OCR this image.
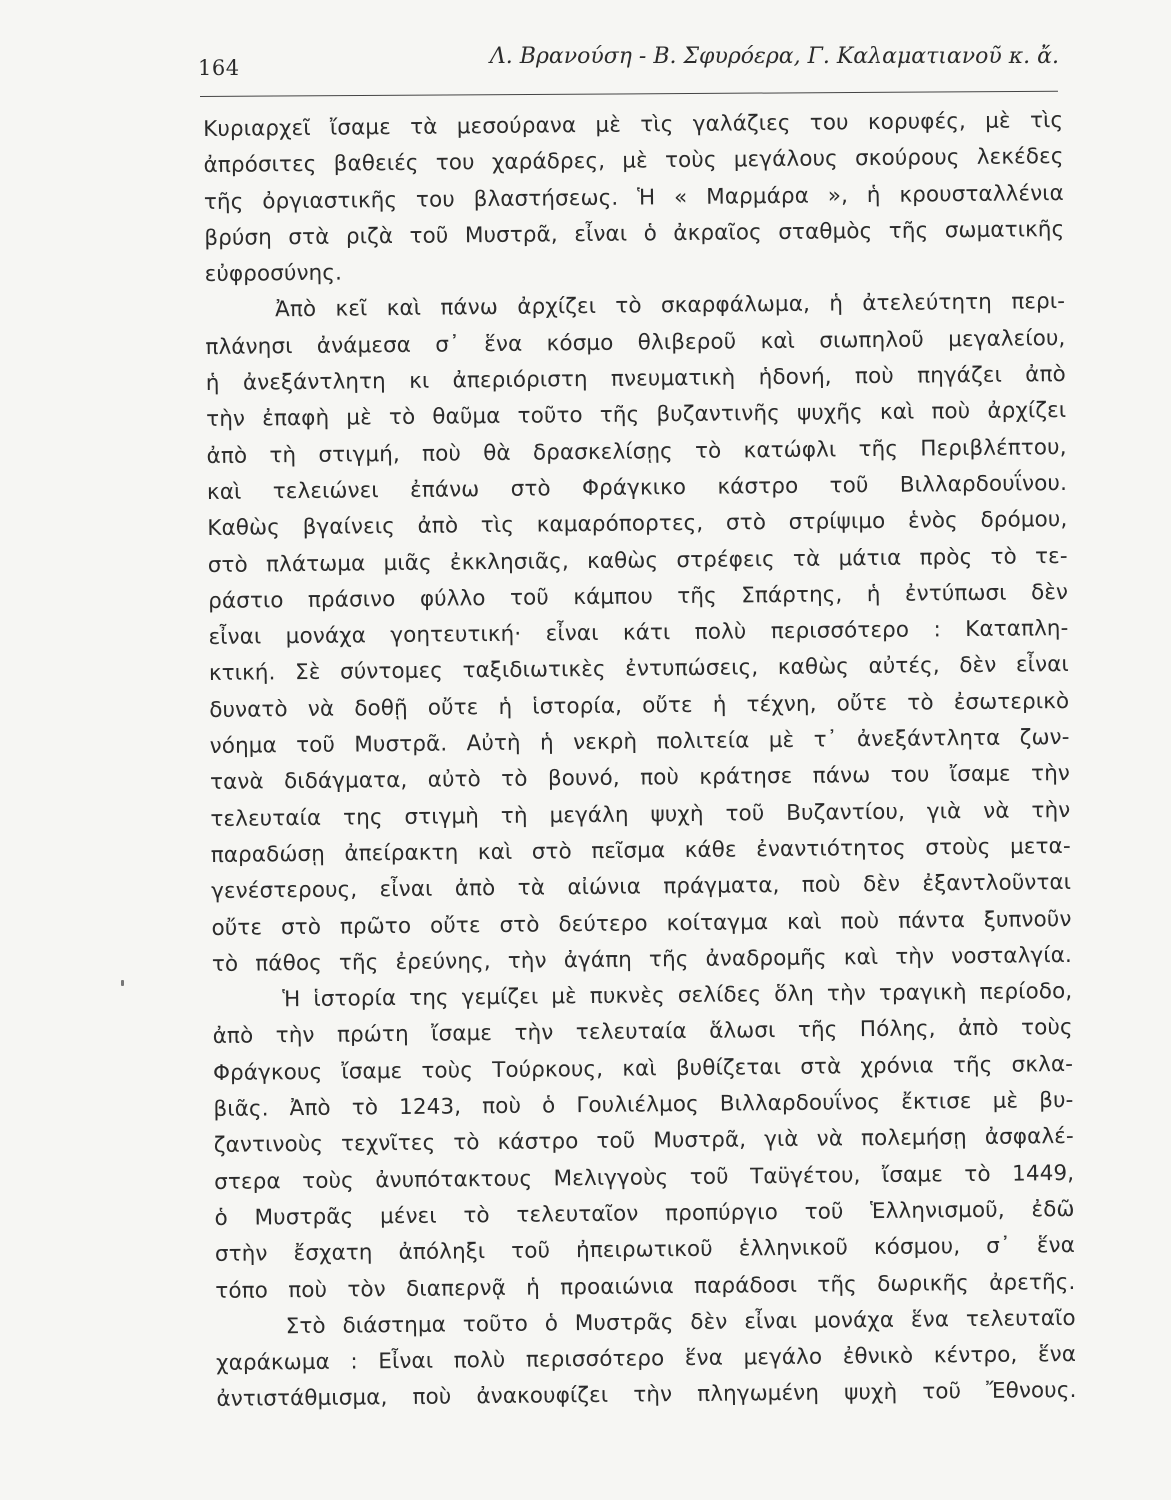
164	Λ. Βρανούση - Β. Σφυρόερα, Γ. Καλαματιανοῦ κ. ἄ.
Κυριαρχεῖ ἴσαμε τὰ μεσούρανα μὲ τὶς γαλάζιες του κορυφές, μὲ τὶς
ἀπρόσιτες βαθειές του χαράδρες, μὲ τοὺς μεγάλους σκούρους λεκέδες
τῆς ὀργιαστικῆς του βλαστήσεως. Ἡ « Μαρμάρα », ἡ κρουσταλλένια
βρύση στὰ ριζὰ τοῦ Μυστρᾶ, εἶναι ὁ ἀκραῖος σταθμὸς τῆς σωματικῆς
εὐφροσύνης.
Ἀπὸ κεῖ καὶ πάνω ἀρχίζει τὸ σκαρφάλωμα, ἡ ἀτελεύτητη περι-
πλάνησι ἀνάμεσα σ᾿ ἕνα κόσμο θλιβεροῦ καὶ σιωπηλοῦ μεγαλείου,
ἡ ἀνεξάντλητη κι ἀπεριόριστη πνευματικὴ ἡδονή, ποὺ πηγάζει ἀπὸ
τὴν ἐπαφὴ μὲ τὸ θαῦμα τοῦτο τῆς βυζαντινῆς ψυχῆς καὶ ποὺ ἀρχίζει
ἀπὸ τὴ στιγμή, ποὺ θὰ δρασκελίσῃς τὸ κατώφλι τῆς Περιβλέπτου,
καὶ τελειώνει ἐπάνω στὸ Φράγκικο κάστρο τοῦ Βιλλαρδουΐνου.
Καθὼς βγαίνεις ἀπὸ τὶς καμαρόπορτες, στὸ στρίψιμο ἑνὸς δρόμου,
στὸ πλάτωμα μιᾶς ἐκκλησιᾶς, καθὼς στρέφεις τὰ μάτια πρὸς τὸ τε-
ράστιο πράσινο φύλλο τοῦ κάμπου τῆς Σπάρτης, ἡ ἐντύπωσι δὲν
εἶναι μονάχα γοητευτική· εἶναι κάτι πολὺ περισσότερο : Καταπλη-
κτική. Σὲ σύντομες ταξιδιωτικὲς ἐντυπώσεις, καθὼς αὐτές, δὲν εἶναι
δυνατὸ νὰ δοθῇ οὔτε ἡ ἱστορία, οὔτε ἡ τέχνη, οὔτε τὸ ἐσωτερικὸ
νόημα τοῦ Μυστρᾶ. Αὐτὴ ἡ νεκρὴ πολιτεία μὲ τ᾿ ἀνεξάντλητα ζων-
τανὰ διδάγματα, αὐτὸ τὸ βουνό, ποὺ κράτησε πάνω του ἴσαμε τὴν
τελευταία της στιγμὴ τὴ μεγάλη ψυχὴ τοῦ Βυζαντίου, γιὰ νὰ τὴν
παραδώσῃ ἀπείρακτη καὶ στὸ πεῖσμα κάθε ἐναντιότητος στοὺς μετα-
γενέστερους, εἶναι ἀπὸ τὰ αἰώνια πράγματα, ποὺ δὲν ἐξαντλοῦνται
οὔτε στὸ πρῶτο οὔτε στὸ δεύτερο κοίταγμα καὶ ποὺ πάντα ξυπνοῦν
τὸ πάθος τῆς ἐρεύνης, τὴν ἀγάπη τῆς ἀναδρομῆς καὶ τὴν νοσταλγία.
Ἡ ἱστορία της γεμίζει μὲ πυκνὲς σελίδες ὅλη τὴν τραγικὴ περίοδο,
ἀπὸ τὴν πρώτη ἴσαμε τὴν τελευταία ἅλωσι τῆς Πόλης, ἀπὸ τοὺς
Φράγκους ἴσαμε τοὺς Τούρκους, καὶ βυθίζεται στὰ χρόνια τῆς σκλα-
βιᾶς. Ἀπὸ τὸ 1243, ποὺ ὁ Γουλιέλμος Βιλλαρδουΐνος ἔκτισε μὲ βυ-
ζαντινοὺς τεχνῖτες τὸ κάστρο τοῦ Μυστρᾶ, γιὰ νὰ πολεμήσῃ ἀσφαλέ-
στερα τοὺς ἀνυπότακτους Μελιγγοὺς τοῦ Ταϋγέτου, ἴσαμε τὸ 1449,
ὁ Μυστρᾶς μένει τὸ τελευταῖον προπύργιο τοῦ Ἑλληνισμοῦ, ἐδῶ
στὴν ἔσχατη ἀπόληξι τοῦ ἠπειρωτικοῦ ἑλληνικοῦ κόσμου, σ᾿ ἕνα
τόπο ποὺ τὸν διαπερνᾷ ἡ προαιώνια παράδοσι τῆς δωρικῆς ἀρετῆς.
Στὸ διάστημα τοῦτο ὁ Μυστρᾶς δὲν εἶναι μονάχα ἕνα τελευταῖο
χαράκωμα : Εἶναι πολὺ περισσότερο ἕνα μεγάλο ἐθνικὸ κέντρο, ἕνα
ἀντιστάθμισμα, ποὺ ἀνακουφίζει τὴν πληγωμένη ψυχὴ τοῦ Ἔθνους.
